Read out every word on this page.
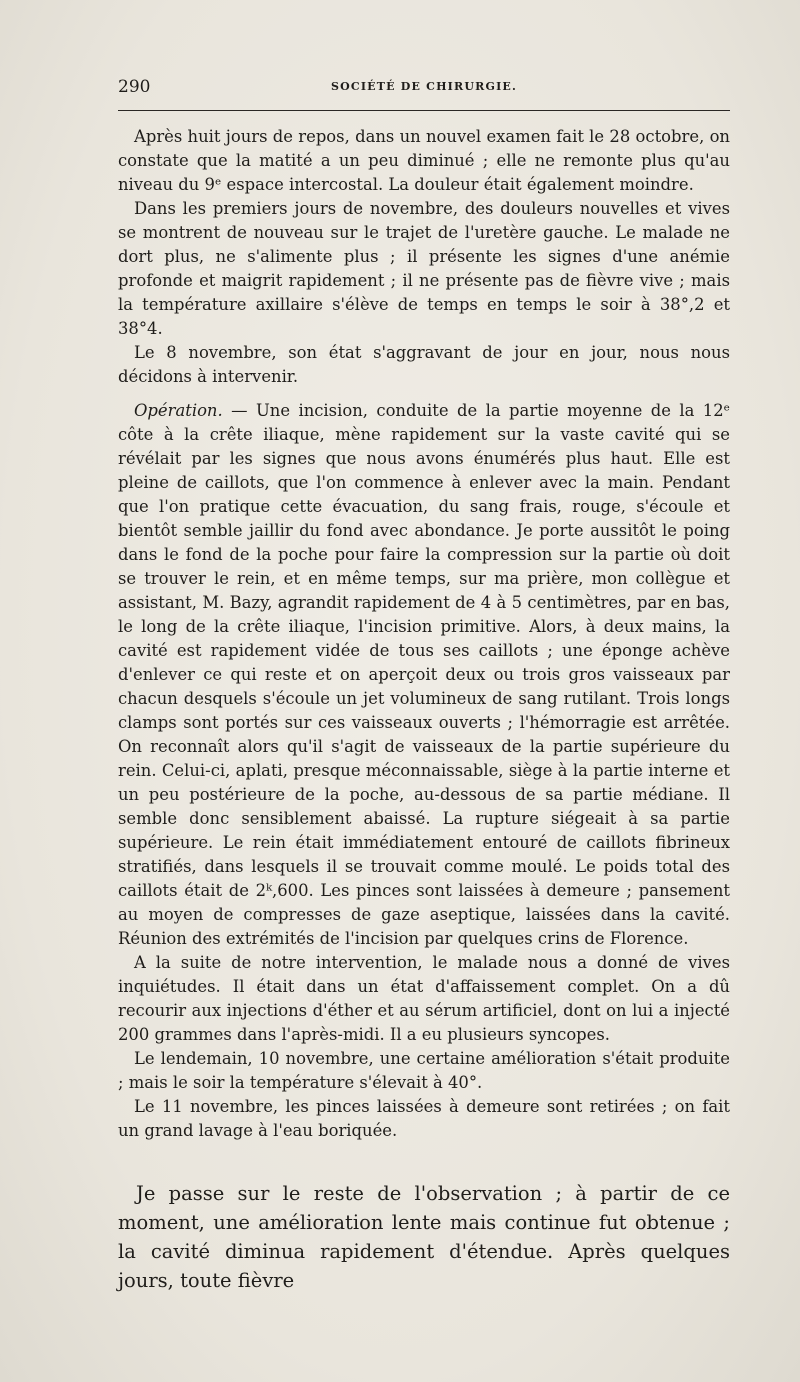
290	SOCIÉTÉ DE CHIRURGIE.

Après huit jours de repos, dans un nouvel examen fait le 28 octobre, on constate que la matité a un peu diminué ; elle ne remonte plus qu'au niveau du 9ᵉ espace intercostal. La douleur était également moindre.

Dans les premiers jours de novembre, des douleurs nouvelles et vives se montrent de nouveau sur le trajet de l'uretère gauche. Le malade ne dort plus, ne s'alimente plus ; il présente les signes d'une anémie profonde et maigrit rapidement ; il ne présente pas de fièvre vive ; mais la température axillaire s'élève de temps en temps le soir à 38°,2 et 38°4.

Le 8 novembre, son état s'aggravant de jour en jour, nous nous décidons à intervenir.

Opération. — Une incision, conduite de la partie moyenne de la 12ᵉ côte à la crête iliaque, mène rapidement sur la vaste cavité qui se révélait par les signes que nous avons énumérés plus haut. Elle est pleine de caillots, que l'on commence à enlever avec la main. Pendant que l'on pratique cette évacuation, du sang frais, rouge, s'écoule et bientôt semble jaillir du fond avec abondance. Je porte aussitôt le poing dans le fond de la poche pour faire la compression sur la partie où doit se trouver le rein, et en même temps, sur ma prière, mon collègue et assistant, M. Bazy, agrandit rapidement de 4 à 5 centimètres, par en bas, le long de la crête iliaque, l'incision primitive. Alors, à deux mains, la cavité est rapidement vidée de tous ses caillots ; une éponge achève d'enlever ce qui reste et on aperçoit deux ou trois gros vaisseaux par chacun desquels s'écoule un jet volumineux de sang rutilant. Trois longs clamps sont portés sur ces vaisseaux ouverts ; l'hémorragie est arrêtée. On reconnaît alors qu'il s'agit de vaisseaux de la partie supérieure du rein. Celui-ci, aplati, presque méconnaissable, siège à la partie interne et un peu postérieure de la poche, au-dessous de sa partie médiane. Il semble donc sensiblement abaissé. La rupture siégeait à sa partie supérieure. Le rein était immédiatement entouré de caillots fibrineux stratifiés, dans lesquels il se trouvait comme moulé. Le poids total des caillots était de 2ᵏ,600. Les pinces sont laissées à demeure ; pansement au moyen de compresses de gaze aseptique, laissées dans la cavité. Réunion des extrémités de l'incision par quelques crins de Florence.

A la suite de notre intervention, le malade nous a donné de vives inquiétudes. Il était dans un état d'affaissement complet. On a dû recourir aux injections d'éther et au sérum artificiel, dont on lui a injecté 200 grammes dans l'après-midi. Il a eu plusieurs syncopes.

Le lendemain, 10 novembre, une certaine amélioration s'était produite ; mais le soir la température s'élevait à 40°.

Le 11 novembre, les pinces laissées à demeure sont retirées ; on fait un grand lavage à l'eau boriquée.

Je passe sur le reste de l'observation ; à partir de ce moment, une amélioration lente mais continue fut obtenue ; la cavité diminua rapidement d'étendue. Après quelques jours, toute fièvre
